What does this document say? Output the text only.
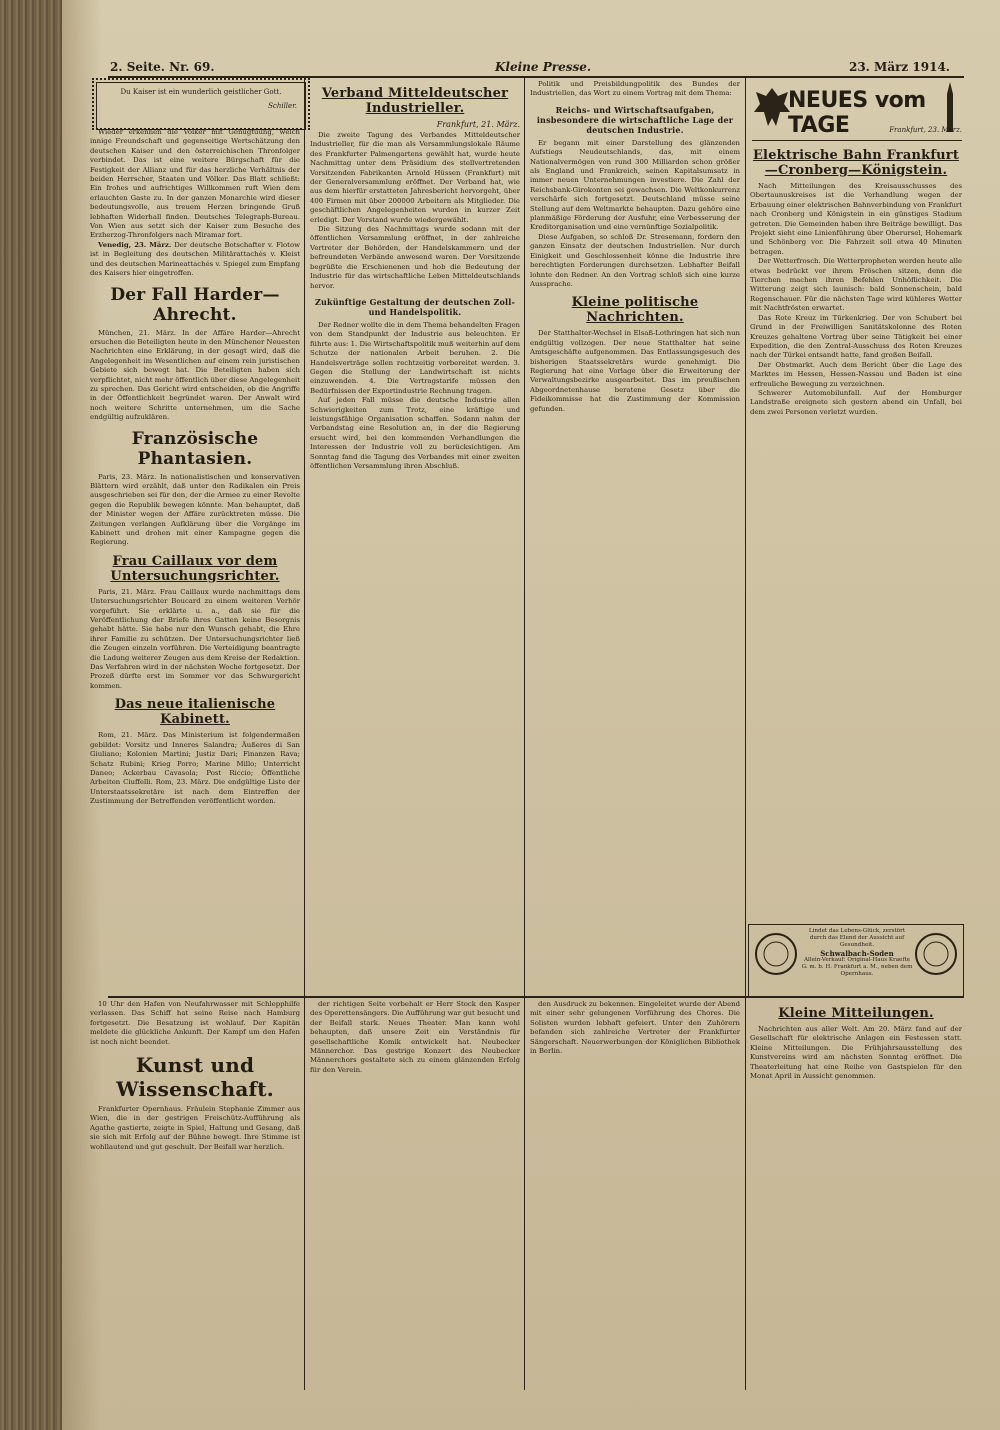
2. Seite. Nr. 69.	Kleine Presse.	23. März 1914.
Du Kaiser ist ein wunderlich geistlicher Gott.
Schiller.
Wieder erkennen die Völker mit Genugtuung, welch innige Freundschaft und gegenseitige Wertschätzung den deutschen Kaiser und den österreichischen Thronfolger verbindet. Das ist eine weitere Bürgschaft für die Festigkeit der Allianz und für das herzliche Verhältnis der beiden Herrscher, Staaten und Völker. Das Blatt schließt: Ein frohes und aufrichtiges Willkommen ruft Wien dem erlauchten Gaste zu. In der ganzen Monarchie wird dieser bedeutungsvolle, aus treuem Herzen bringende Gruß lebhaften Widerhall finden. Deutsches Telegraph-Bureau. Von Wien aus setzt sich der Kaiser zum Besuche des Erzherzog-Thronfolgers nach Miramar fort.
Venedig, 23. März. Der deutsche Botschafter v. Flotow ist in Begleitung des deutschen Militärattachés v. Kleist und des deutschen Marineattachés v. Spiegel zum Empfang des Kaisers hier eingetroffen.
Der Fall Harder—Ahrecht.
München, 21. März. In der Affäre Harder—Ahrecht ersuchen die Beteiligten heute in den Münchener Neuesten Nachrichten eine Erklärung, in der gesagt wird, daß die Angelegenheit im Wesentlichen auf einem rein juristischen Gebiete sich bewegt hat. Die Beteiligten haben sich verpflichtet, nicht mehr öffentlich über diese Angelegenheit zu sprechen. Das Gericht wird entscheiden, ob die Angriffe in der Öffentlichkeit begründet waren. Der Anwalt wird noch weitere Schritte unternehmen, um die Sache endgültig aufzuklären.
Französische Phantasien.
Paris, 23. März. In nationalistischen und konservativen Blättern wird erzählt, daß unter den Radikalen ein Preis ausgeschrieben sei für den, der die Armee zu einer Revolte gegen die Republik bewegen könnte. Man behauptet, daß der Minister wegen der Affäre zurücktreten müsse. Die Zeitungen verlangen Aufklärung über die Vorgänge im Kabinett und drohen mit einer Kampagne gegen die Regierung.
Frau Caillaux vor dem Untersuchungsrichter.
Paris, 21. März. Frau Caillaux wurde nachmittags dem Untersuchungsrichter Boucard zu einem weiteren Verhör vorgeführt. Sie erklärte u. a., daß sie für die Veröffentlichung der Briefe ihres Gatten keine Besorgnis gehabt hätte. Sie habe nur den Wunsch gehabt, die Ehre ihrer Familie zu schützen. Der Untersuchungsrichter ließ die Zeugen einzeln vorführen. Die Verteidigung beantragte die Ladung weiterer Zeugen aus dem Kreise der Redaktion. Das Verfahren wird in der nächsten Woche fortgesetzt. Der Prozeß dürfte erst im Sommer vor das Schwurgericht kommen.
Das neue italienische Kabinett.
Rom, 21. März. Das Ministerium ist folgendermaßen gebildet: Vorsitz und Inneres Salandra; Äußeres di San Giuliano; Kolonien Martini; Justiz Dari; Finanzen Rava; Schatz Rubini; Krieg Porro; Marine Millo; Unterricht Daneo; Ackerbau Cavasola; Post Riccio; Öffentliche Arbeiten Ciuffelli. Rom, 23. März. Die endgültige Liste der Unterstaatssekretäre ist nach dem Eintreffen der Zustimmung der Betreffenden veröffentlicht worden.
Verband Mitteldeutscher Industrieller.
Frankfurt, 21. März.
Die zweite Tagung des Verbandes Mitteldeutscher Industrieller, für die man als Versammlungslokale Räume des Frankfurter Palmengartens gewählt hat, wurde heute Nachmittag unter dem Präsidium des stellvertretenden Vorsitzenden Fabrikanten Arnold Hüssen (Frankfurt) mit der Generalversammlung eröffnet. Der Verband hat, wie aus dem hierfür erstatteten Jahresbericht hervorgeht, über 400 Firmen mit über 200000 Arbeitern als Mitglieder. Die geschäftlichen Angelegenheiten wurden in kurzer Zeit erledigt. Der Vorstand wurde wiedergewählt.
Die Sitzung des Nachmittags wurde sodann mit der öffentlichen Versammlung eröffnet, in der zahlreiche Vertreter der Behörden, der Handelskammern und der befreundeten Verbände anwesend waren. Der Vorsitzende begrüßte die Erschienenen und hob die Bedeutung der Industrie für das wirtschaftliche Leben Mitteldeutschlands hervor.
Zukünftige Gestaltung der deutschen Zoll- und Handelspolitik.
Der Redner wollte die in dem Thema behandelten Fragen von dem Standpunkt der Industrie aus beleuchten. Er führte aus: 1. Die Wirtschaftspolitik muß weiterhin auf dem Schutze der nationalen Arbeit beruhen. 2. Die Handelsverträge sollen rechtzeitig vorbereitet werden. 3. Gegen die Stellung der Landwirtschaft ist nichts einzuwenden. 4. Die Vertragstarife müssen den Bedürfnissen der Exportindustrie Rechnung tragen.
Auf jeden Fall müsse die deutsche Industrie allen Schwierigkeiten zum Trotz, eine kräftige und leistungsfähige Organisation schaffen. Sodann nahm der Verbandstag eine Resolution an, in der die Regierung ersucht wird, bei den kommenden Verhandlungen die Interessen der Industrie voll zu berücksichtigen. Am Sonntag fand die Tagung des Verbandes mit einer zweiten öffentlichen Versammlung ihren Abschluß.
Politik und Preisbildungpolitik des Bundes der Industriellen, das Wort zu einem Vortrag mit dem Thema:
Reichs- und Wirtschaftsaufgaben, insbesondere die wirtschaftliche Lage der deutschen Industrie.
Er begann mit einer Darstellung des glänzenden Aufstiegs Neudeutschlands, das, mit einem Nationalvermögen von rund 300 Milliarden schon größer als England und Frankreich, seinen Kapitalsumsatz in immer neuen Unternehmungen investiere. Die Zahl der Reichsbank-Girokonten sei gewachsen. Die Weltkonkurrenz verschärfe sich fortgesetzt. Deutschland müsse seine Stellung auf dem Weltmarkte behaupten. Dazu gehöre eine planmäßige Förderung der Ausfuhr, eine Verbesserung der Kreditorganisation und eine vernünftige Sozialpolitik.
Diese Aufgaben, so schloß Dr. Stresemann, fordern den ganzen Einsatz der deutschen Industriellen. Nur durch Einigkeit und Geschlossenheit könne die Industrie ihre berechtigten Forderungen durchsetzen. Lebhafter Beifall lohnte den Redner. An den Vortrag schloß sich eine kurze Aussprache.
Kleine politische Nachrichten.
Der Statthalter-Wechsel in Elsaß-Lothringen hat sich nun endgültig vollzogen. Der neue Statthalter hat seine Amtsgeschäfte aufgenommen. Das Entlassungsgesuch des bisherigen Staatssekretärs wurde genehmigt. Die Regierung hat eine Vorlage über die Erweiterung der Verwaltungsbezirke ausgearbeitet. Das im preußischen Abgeordnetenhause beratene Gesetz über die Fideikommisse hat die Zustimmung der Kommission gefunden.
NEUES vom TAGE	Frankfurt, 23. März.
Elektrische Bahn Frankfurt—Cronberg—Königstein.
Nach Mitteilungen des Kreisausschusses des Obertaunuskreises ist die Verhandlung wegen der Erbauung einer elektrischen Bahnverbindung von Frankfurt nach Cronberg und Königstein in ein günstiges Stadium getreten. Die Gemeinden haben ihre Beiträge bewilligt. Das Projekt sieht eine Linienführung über Oberursel, Hohemark und Schönberg vor. Die Fahrzeit soll etwa 40 Minuten betragen.
Der Wetterfrosch. Die Wetterpropheten werden heute alle etwas bedrückt vor ihrem Fröschen sitzen, denn die Tierchen machen ihren Befehlen Unhöflichkeit. Die Witterung zeigt sich launisch: bald Sonnenschein, bald Regenschauer. Für die nächsten Tage wird kühleres Wetter mit Nachtfrösten erwartet.
Das Rote Kreuz im Türkenkrieg. Der von Schubert bei Grund in der Freiwilligen Sanitätskolonne des Roten Kreuzes gehaltene Vortrag über seine Tätigkeit bei einer Expedition, die den Zentral-Ausschuss des Roten Kreuzes nach der Türkei entsandt hatte, fand großen Beifall.
Der Obstmarkt. Auch dem Bericht über die Lage des Marktes im Hessen, Hessen-Nassau und Baden ist eine erfreuliche Bewegung zu verzeichnen.
Schwerer Automobilunfall. Auf der Homburger Landstraße ereignete sich gestern abend ein Unfall, bei dem zwei Personen verletzt wurden.
Lindet das Lebens-Glück, zerstört durch das Elend der Aussicht auf Gesundheit.
Schwalbach-Soden
Allein-Verkauf: Original-Haus Kraefte G. m. b. H. Frankfurt a. M., neben dem Opernhaus.
10 Uhr den Hafen von Neufahrwasser mit Schlepphilfe verlassen. Das Schiff hat seine Reise nach Hamburg fortgesetzt. Die Besatzung ist wohlauf. Der Kapitän meldete die glückliche Ankunft. Der Kampf um den Hafen ist noch nicht beendet.
Kunst und Wissenschaft.
Frankfurter Opernhaus. Fräulein Stephanie Zimmer aus Wien, die in der gestrigen Freischütz-Aufführung als Agathe gastierte, zeigte in Spiel, Haltung und Gesang, daß sie sich mit Erfolg auf der Bühne bewegt. Ihre Stimme ist wohllautend und gut geschult. Der Beifall war herzlich.
der richtigen Seite vorbehalt er Herr Stock den Kasper des Operettensängers. Die Aufführung war gut besucht und der Beifall stark. Neues Theater. Man kann wohl behaupten, daß unsere Zeit ein Verständnis für gesellschaftliche Komik entwickelt hat. Neubecker Männerchor. Das gestrige Konzert des Neubecker Männerchors gestaltete sich zu einem glänzenden Erfolg für den Verein.
den Ausdruck zu bekennen. Eingeleitet wurde der Abend mit einer sehr gelungenen Vorführung des Chores. Die Solisten wurden lebhaft gefeiert. Unter den Zuhörern befanden sich zahlreiche Vertreter der Frankfurter Sängerschaft. Neuerwerbungen der Königlichen Bibliothek in Berlin.
Kleine Mitteilungen.
Nachrichten aus aller Welt. Am 20. März fand auf der Gesellschaft für elektrische Anlagen ein Festessen statt. Kleine Mitteilungen. Die Frühjahrsausstellung des Kunstvereins wird am nächsten Sonntag eröffnet. Die Theaterleitung hat eine Reihe von Gastspielen für den Monat April in Aussicht genommen.
